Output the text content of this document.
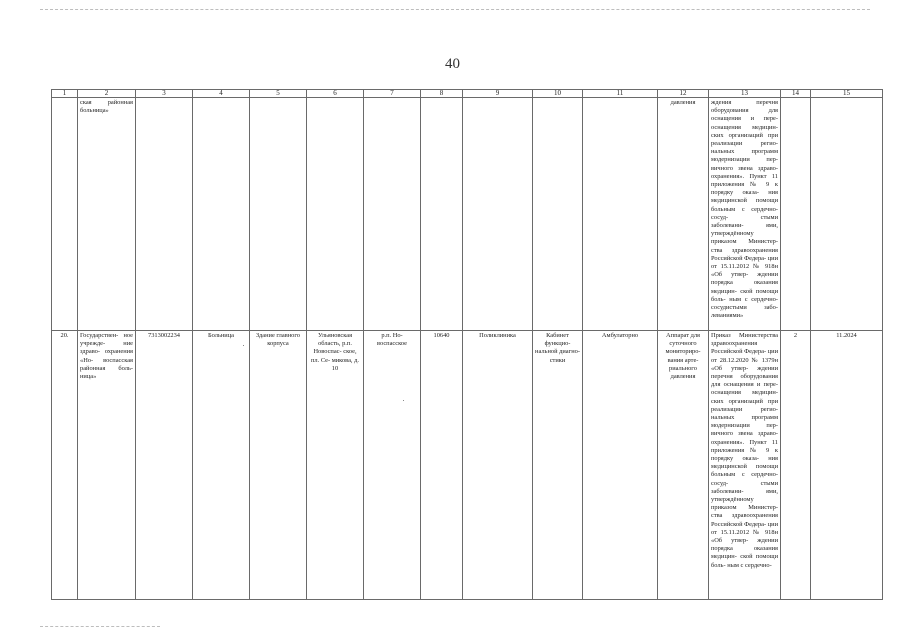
40
1	2	3	4	5	6	7	8	9	10	11	12	13	14	15
	ская районная больница»										давления	ждения перечня оборудования для оснащения и пере- оснащения медицин- ских организаций при реализации регио- нальных программ модернизации пер- вичного звена здраво- охранения». Пункт 11 приложения № 9 к порядку оказа- ния медицинской помощи больным с сердечно-сосуд- стыми заболевани- ями, утверждённому приказом Министер- ства здравоохранения Российской Федера- ции от 15.11.2012 № 918н «Об утвер- ждении порядка оказания медицин- ской помощи боль- ным с сердечно- сосудистыми забо- леваниями»		
20.	Государствен- ное учрежде- ние здраво- охранения «Но- воспасская районная боль- ница»	7313002234	Больница	Здание главного корпуса	Ульяновская область, р.п. Новоспас- ское, пл. Се- микова, д. 10	р.п. Но- воспасское	10640	Поликлиника	Кабинет функцио- нальной диагно- стики	Амбулаторно	Аппарат для суточного мониториро- вания арте- риального давления	Приказ Министерства здравоохранения Российской Федера- ции от 28.12.2020 № 1379н «Об утвер- ждении перечня оборудования для оснащения и пере- оснащения медицин- ских организаций при реализации регио- нальных программ модернизации пер- вичного звена здраво- охранения». Пункт 11 приложения № 9 к порядку оказа- ния медицинской помощи больным с сердечно-сосуд- стыми заболевани- ями, утверждённому приказом Министер- ства здравоохранения Российской Федера- ции от 15.11.2012 № 918н «Об утвер- ждении порядка оказания медицин- ской помощи боль- ным с сердечно-	2	11.2024
